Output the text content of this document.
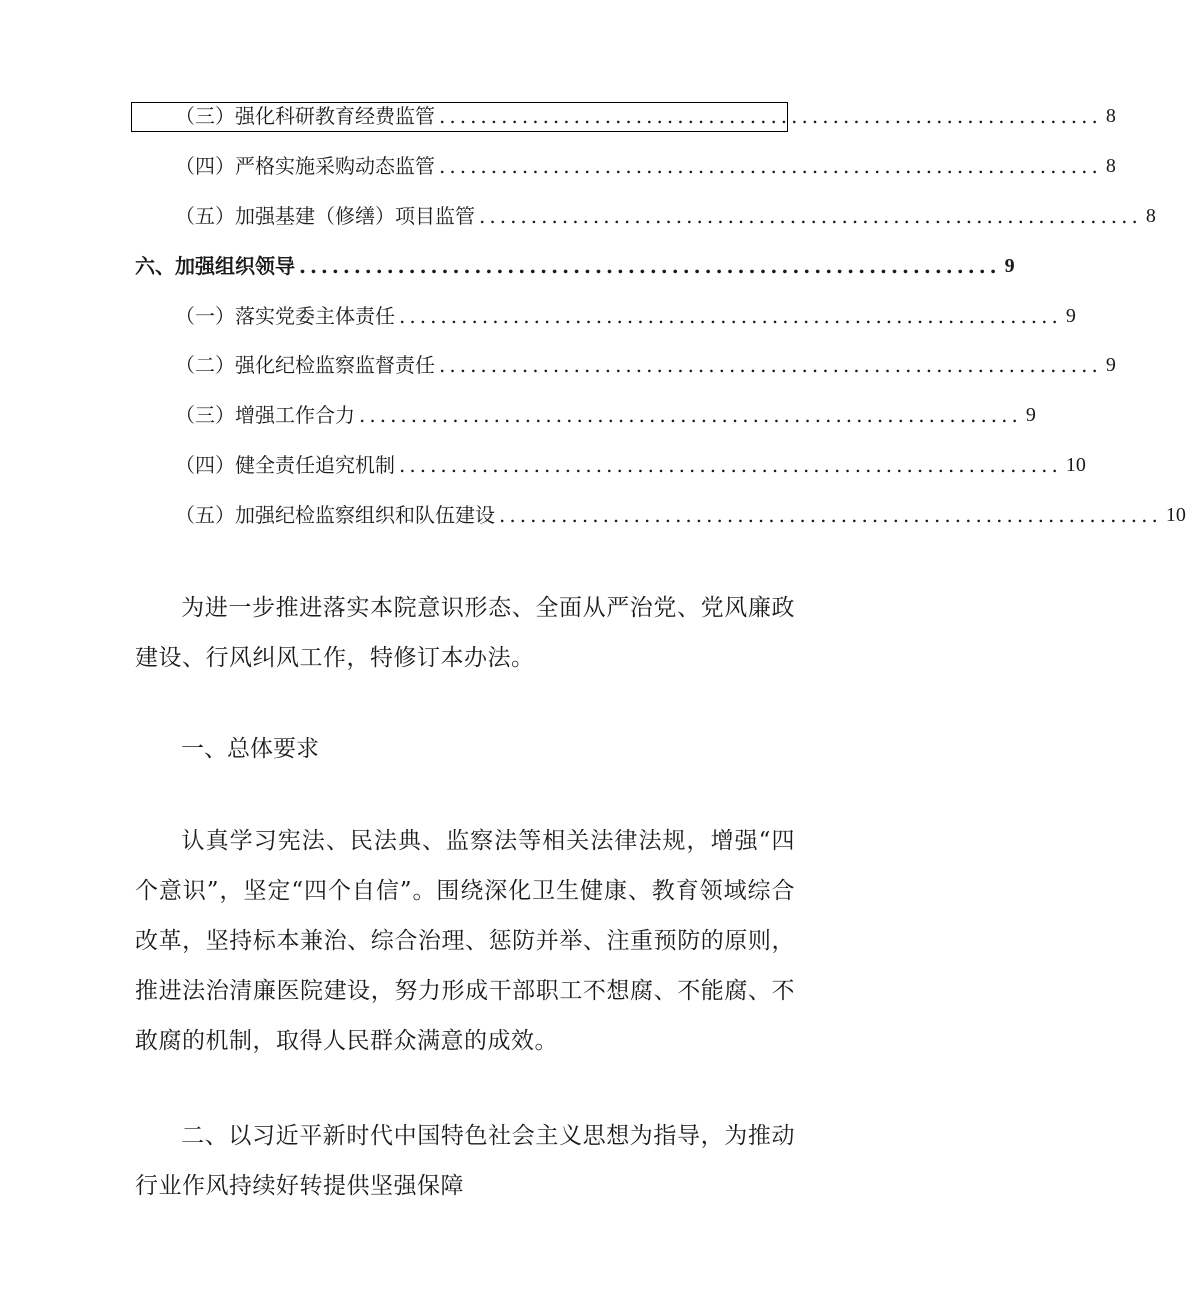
（三）强化科研教育经费监管 ................................................................ 8
（四）严格实施采购动态监管 ................................................................ 8
（五）加强基建（修缮）项目监管 ................................................................ 8
六、加强组织领导 ................................................................ 9
（一）落实党委主体责任 ................................................................ 9
（二）强化纪检监察监督责任 ................................................................ 9
（三）增强工作合力 ................................................................ 9
（四）健全责任追究机制 ................................................................ 10
（五）加强纪检监察组织和队伍建设 ................................................................ 10
为进一步推进落实本院意识形态、全面从严治党、党风廉政建设、行风纠风工作，特修订本办法。
一、总体要求
认真学习宪法、民法典、监察法等相关法律法规，增强“四个意识”，坚定“四个自信”。围绕深化卫生健康、教育领域综合改革，坚持标本兼治、综合治理、惩防并举、注重预防的原则，推进法治清廉医院建设，努力形成干部职工不想腐、不能腐、不敢腐的机制，取得人民群众满意的成效。
二、以习近平新时代中国特色社会主义思想为指导，为推动行业作风持续好转提供坚强保障
